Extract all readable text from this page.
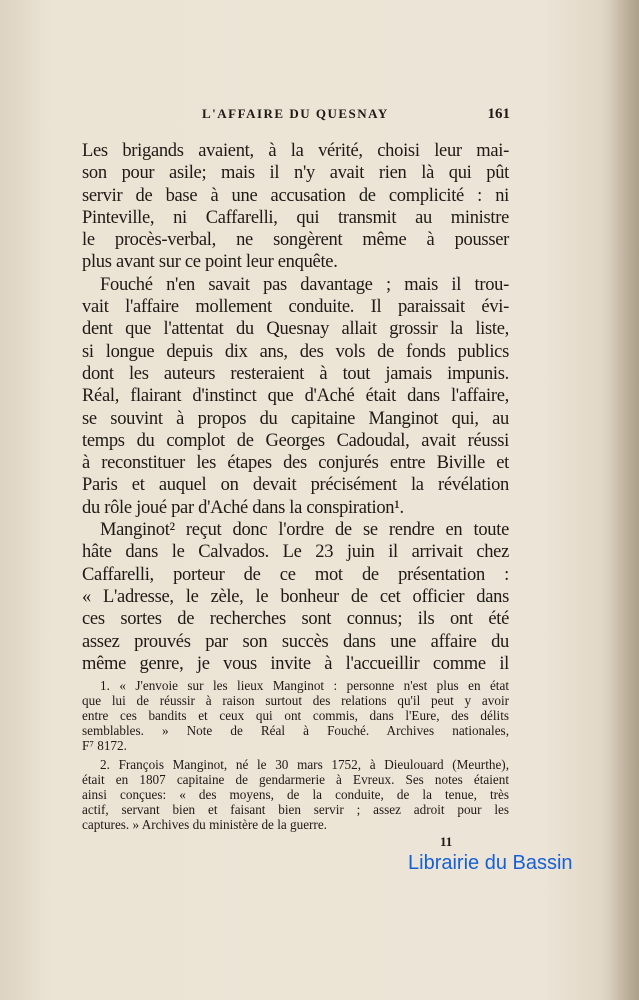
L'AFFAIRE DU QUESNAY	161
Les brigands avaient, à la vérité, choisi leur mai-
son pour asile; mais il n'y avait rien là qui pût
servir de base à une accusation de complicité : ni
Pinteville, ni Caffarelli, qui transmit au ministre
le procès-verbal, ne songèrent même à pousser
plus avant sur ce point leur enquête.
Fouché n'en savait pas davantage ; mais il trou-
vait l'affaire mollement conduite. Il paraissait évi-
dent que l'attentat du Quesnay allait grossir la liste,
si longue depuis dix ans, des vols de fonds publics
dont les auteurs resteraient à tout jamais impunis.
Réal, flairant d'instinct que d'Aché était dans l'affaire,
se souvint à propos du capitaine Manginot qui, au
temps du complot de Georges Cadoudal, avait réussi
à reconstituer les étapes des conjurés entre Biville et
Paris et auquel on devait précisément la révélation
du rôle joué par d'Aché dans la conspiration¹.
Manginot² reçut donc l'ordre de se rendre en toute
hâte dans le Calvados. Le 23 juin il arrivait chez
Caffarelli, porteur de ce mot de présentation :
« L'adresse, le zèle, le bonheur de cet officier dans
ces sortes de recherches sont connus; ils ont été
assez prouvés par son succès dans une affaire du
même genre, je vous invite à l'accueillir comme il
1. « J'envoie sur les lieux Manginot : personne n'est plus en état
que lui de réussir à raison surtout des relations qu'il peut y avoir
entre ces bandits et ceux qui ont commis, dans l'Eure, des délits
semblables. » Note de Réal à Fouché. Archives nationales,
F⁷ 8172.
2. François Manginot, né le 30 mars 1752, à Dieulouard (Meurthe),
était en 1807 capitaine de gendarmerie à Evreux. Ses notes étaient
ainsi conçues: « des moyens, de la conduite, de la tenue, très
actif, servant bien et faisant bien servir ; assez adroit pour les
captures. » Archives du ministère de la guerre.
11
Librairie du Bassin
